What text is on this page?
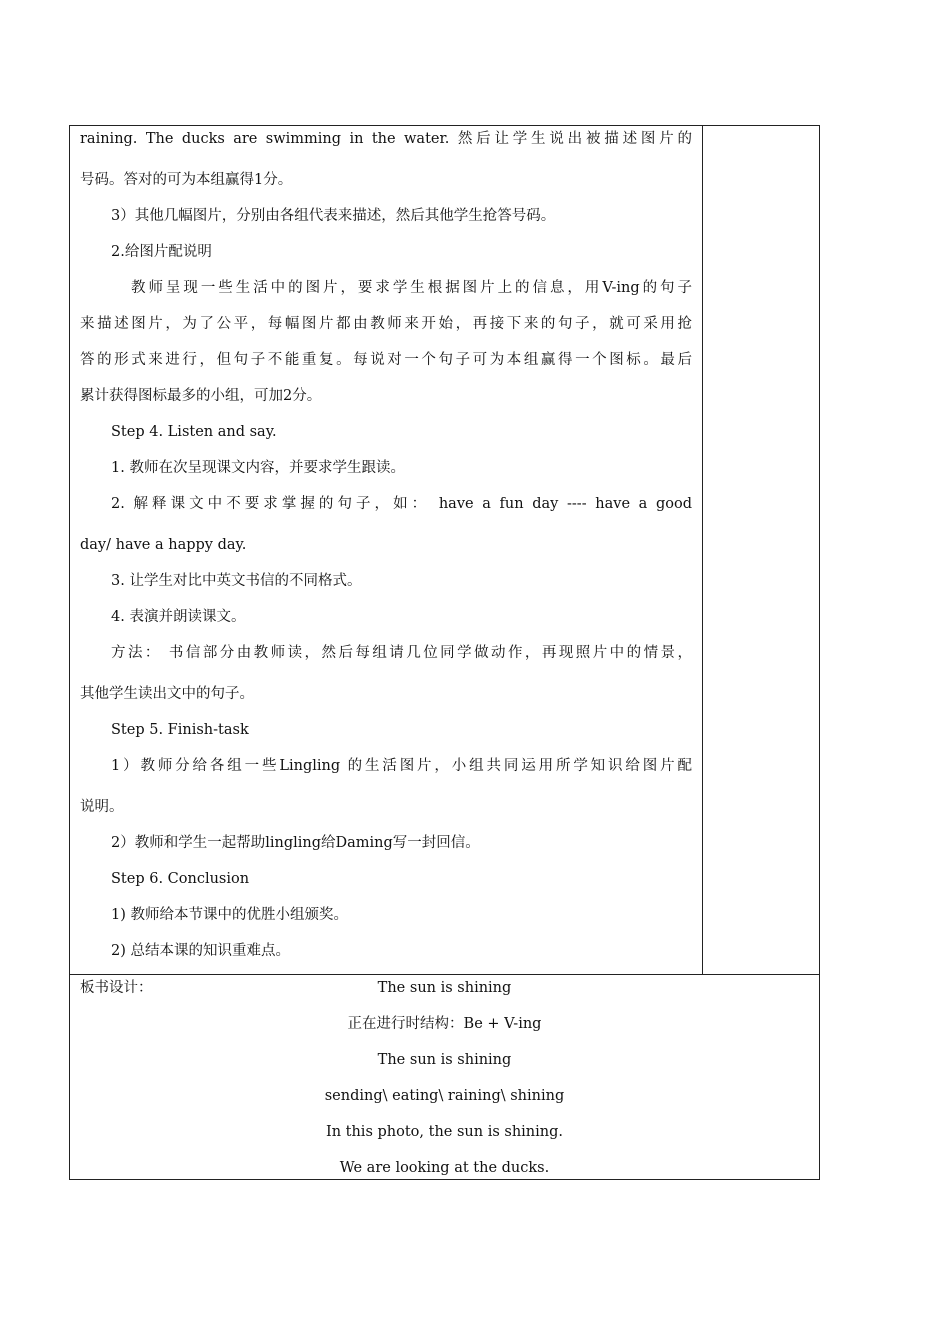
raining. The ducks are swimming in the water. 然后让学生说出被描述图片的
号码。答对的可为本组赢得1分。
3）其他几幅图片，分别由各组代表来描述，然后其他学生抢答号码。
2.给图片配说明
教师呈现一些生活中的图片，要求学生根据图片上的信息，用V-ing的句子
来描述图片，为了公平，每幅图片都由教师来开始，再接下来的句子，就可采用抢
答的形式来进行，但句子不能重复。每说对一个句子可为本组赢得一个图标。最后
累计获得图标最多的小组，可加2分。
Step 4. Listen and say.
1. 教师在次呈现课文内容，并要求学生跟读。
2. 解释课文中不要求掌握的句子，如： have a fun day ---- have a good
day/ have a happy day.
3. 让学生对比中英文书信的不同格式。
4. 表演并朗读课文。
方法： 书信部分由教师读，然后每组请几位同学做动作，再现照片中的情景，
其他学生读出文中的句子。
Step 5. Finish-task
1）教师分给各组一些Lingling 的生活图片，小组共同运用所学知识给图片配
说明。
2）教师和学生一起帮助lingling给Daming写一封回信。
Step 6. Conclusion
1) 教师给本节课中的优胜小组颁奖。
2) 总结本课的知识重难点。

板书设计：	The sun is shining
正在进行时结构：Be + V-ing
The sun is shining
sending\ eating\ raining\ shining
In this photo, the sun is shining.
We are looking at the ducks.
